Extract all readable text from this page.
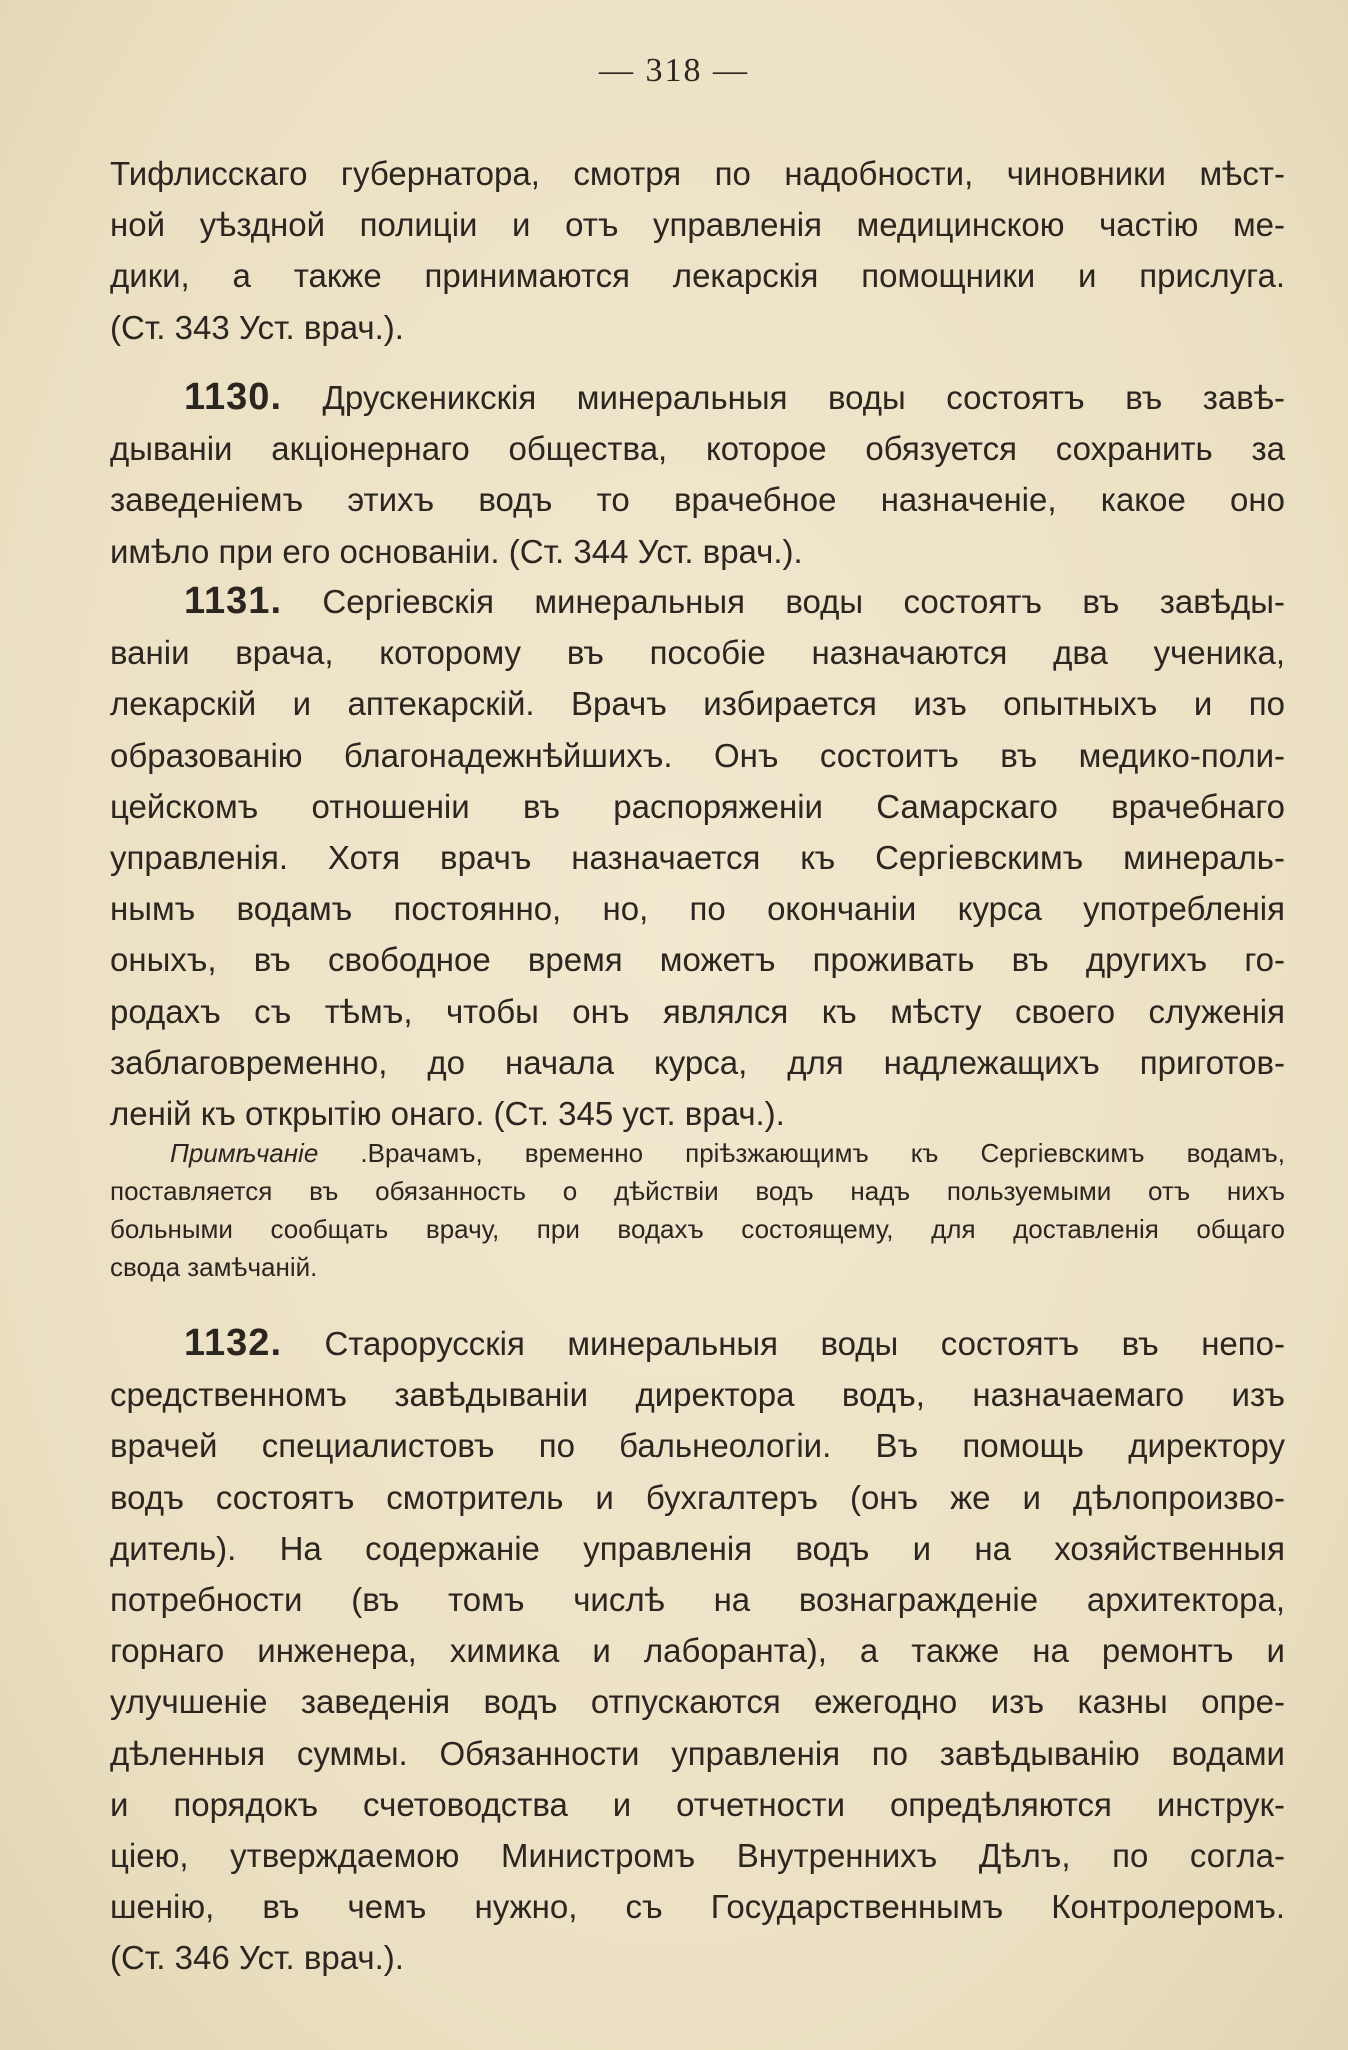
— 318 —
Тифлисскаго губернатора, смотря по надобности, чиновники мѣст-
ной уѣздной полиціи и отъ управленія медицинскою частію ме-
дики, а также принимаются лекарскія помощники и прислуга.
(Ст. 343 Уст. врач.).
1130. Друскеникскія минеральныя воды состоятъ въ завѣ-
дываніи акціонернаго общества, которое обязуется сохранить за
заведеніемъ этихъ водъ то врачебное назначеніе, какое оно
имѣло при его основаніи. (Ст. 344 Уст. врач.).
1131. Сергіевскія минеральныя воды состоятъ въ завѣды-
ваніи врача, которому въ пособіе назначаются два ученика,
лекарскій и аптекарскій. Врачъ избирается изъ опытныхъ и по
образованію благонадежнѣйшихъ. Онъ состоитъ въ медико-поли-
цейскомъ отношеніи въ распоряженіи Самарскаго врачебнаго
управленія. Хотя врачъ назначается къ Сергіевскимъ минераль-
нымъ водамъ постоянно, но, по окончаніи курса употребленія
оныхъ, въ свободное время можетъ проживать въ другихъ го-
родахъ съ тѣмъ, чтобы онъ являлся къ мѣсту своего служенія
заблаговременно, до начала курса, для надлежащихъ приготов-
леній къ открытію онаго. (Ст. 345 уст. врач.).
Примѣчаніе .Врачамъ, временно пріѣзжающимъ къ Сергіевскимъ водамъ,
поставляется въ обязанность о дѣйствіи водъ надъ пользуемыми отъ нихъ
больными сообщать врачу, при водахъ состоящему, для доставленія общаго
свода замѣчаній.
1132. Старорусскія минеральныя воды состоятъ въ непо-
средственномъ завѣдываніи директора водъ, назначаемаго изъ
врачей специалистовъ по бальнеологіи. Въ помощь директору
водъ состоятъ смотритель и бухгалтеръ (онъ же и дѣлопроизво-
дитель). На содержаніе управленія водъ и на хозяйственныя
потребности (въ томъ числѣ на вознагражденіе архитектора,
горнаго инженера, химика и лаборанта), а также на ремонтъ и
улучшеніе заведенія водъ отпускаются ежегодно изъ казны опре-
дѣленныя суммы. Обязанности управленія по завѣдыванію водами
и порядокъ счетоводства и отчетности опредѣляются инструк-
ціею, утверждаемою Министромъ Внутреннихъ Дѣлъ, по согла-
шенію, въ чемъ нужно, съ Государственнымъ Контролеромъ.
(Ст. 346 Уст. врач.).
